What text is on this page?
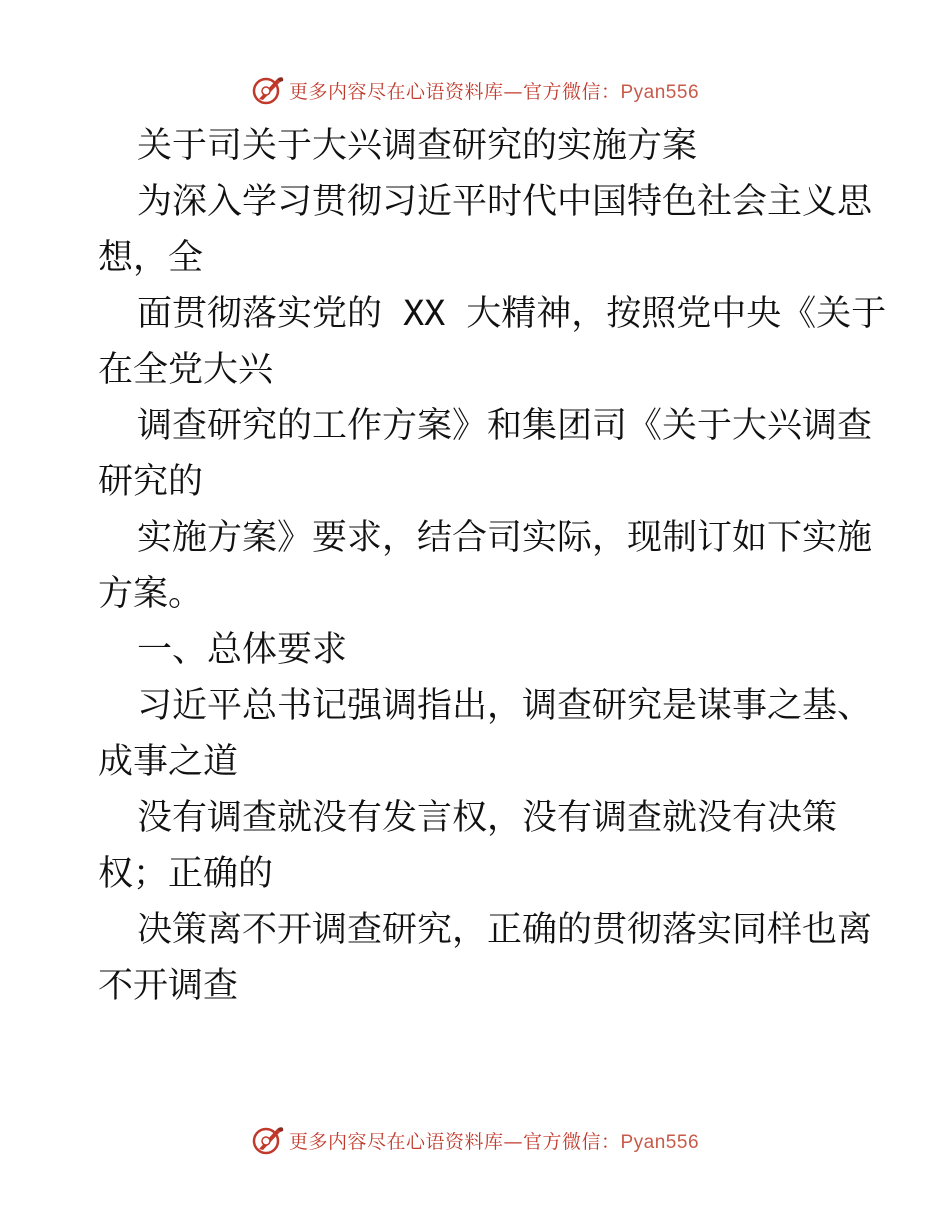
更多内容尽在心语资料库—官方微信：Pyan556
关于司关于大兴调查研究的实施方案
为深入学习贯彻习近平时代中国特色社会主义思
想，全
面贯彻落实党的 XX 大精神，按照党中央《关于
在全党大兴
调查研究的工作方案》和集团司《关于大兴调查
研究的
实施方案》要求，结合司实际，现制订如下实施
方案。
一、总体要求
习近平总书记强调指出，调查研究是谋事之基、
成事之道
没有调查就没有发言权，没有调查就没有决策
权；正确的
决策离不开调查研究，正确的贯彻落实同样也离
不开调查
更多内容尽在心语资料库—官方微信：Pyan556
